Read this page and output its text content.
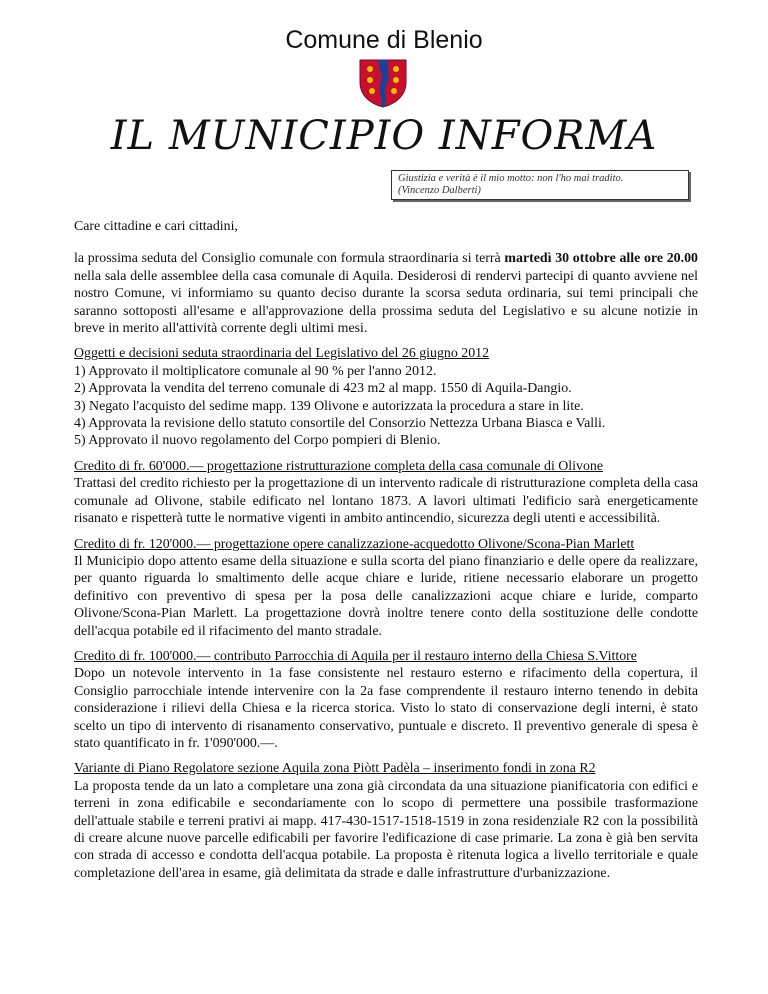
Comune di Blenio
IL MUNICIPIO INFORMA
Giustizia e verità è il mio motto: non l'ho mai tradito.
(Vincenzo Dalberti)

Care cittadine e cari cittadini,

la prossima seduta del Consiglio comunale con formula straordinaria si terrà martedì 30 ottobre alle ore 20.00 nella sala delle assemblee della casa comunale di Aquila. Desiderosi di rendervi partecipi di quanto avviene nel nostro Comune, vi informiamo su quanto deciso durante la scorsa seduta ordinaria, sui temi principali che saranno sottoposti all'esame e all'approvazione della prossima seduta del Legislativo e su alcune notizie in breve in merito all'attività corrente degli ultimi mesi.

Oggetti e decisioni seduta straordinaria del Legislativo del 26 giugno 2012

1) Approvato il moltiplicatore comunale al 90 % per l'anno 2012.
2) Approvata la vendita del terreno comunale di 423 m2 al mapp. 1550 di Aquila-Dangio.
3) Negato l'acquisto del sedime mapp. 139 Olivone e autorizzata la procedura a stare in lite.
4) Approvata la revisione dello statuto consortile del Consorzio Nettezza Urbana Biasca e Valli.
5) Approvato il nuovo regolamento del Corpo pompieri di Blenio.

Credito di fr. 60'000.— progettazione ristrutturazione completa della casa comunale di Olivone

Trattasi del credito richiesto per la progettazione di un intervento radicale di ristrutturazione completa della casa comunale ad Olivone, stabile edificato nel lontano 1873. A lavori ultimati l'edificio sarà energeticamente risanato e rispetterà tutte le normative vigenti in ambito antincendio, sicurezza degli utenti e accessibilità.

Credito di fr. 120'000.— progettazione opere canalizzazione-acquedotto Olivone/Scona-Pian Marlett

Il Municipio dopo attento esame della situazione e sulla scorta del piano finanziario e delle opere da realizzare, per quanto riguarda lo smaltimento delle acque chiare e luride, ritiene necessario elaborare un progetto definitivo con preventivo di spesa per la posa delle canalizzazioni acque chiare e luride, comparto Olivone/Scona-Pian Marlett. La progettazione dovrà inoltre tenere conto della sostituzione delle condotte dell'acqua potabile ed il rifacimento del manto stradale.

Credito di fr. 100'000.— contributo Parrocchia di Aquila per il restauro interno della Chiesa S.Vittore

Dopo un notevole intervento in 1a fase consistente nel restauro esterno e rifacimento della copertura, il Consiglio parrocchiale intende intervenire con la 2a fase comprendente il restauro interno tenendo in debita considerazione i rilievi della Chiesa e la ricerca storica. Visto lo stato di conservazione degli interni, è stato scelto un tipo di intervento di risanamento conservativo, puntuale e discreto. Il preventivo generale di spesa è stato quantificato in fr. 1'090'000.—.

Variante di Piano Regolatore sezione Aquila zona Piòtt Padèla – inserimento fondi in zona R2

La proposta tende da un lato a completare una zona già circondata da una situazione pianificatoria con edifici e terreni in zona edificabile e secondariamente con lo scopo di permettere una possibile trasformazione dell'attuale stabile e terreni prativi ai mapp. 417-430-1517-1518-1519 in zona residenziale R2 con la possibilità di creare alcune nuove parcelle edificabili per favorire l'edificazione di case primarie. La zona è già ben servita con strada di accesso e condotta dell'acqua potabile. La proposta è ritenuta logica a livello territoriale e quale completazione dell'area in esame, già delimitata da strade e dalle infrastrutture d'urbanizzazione.
